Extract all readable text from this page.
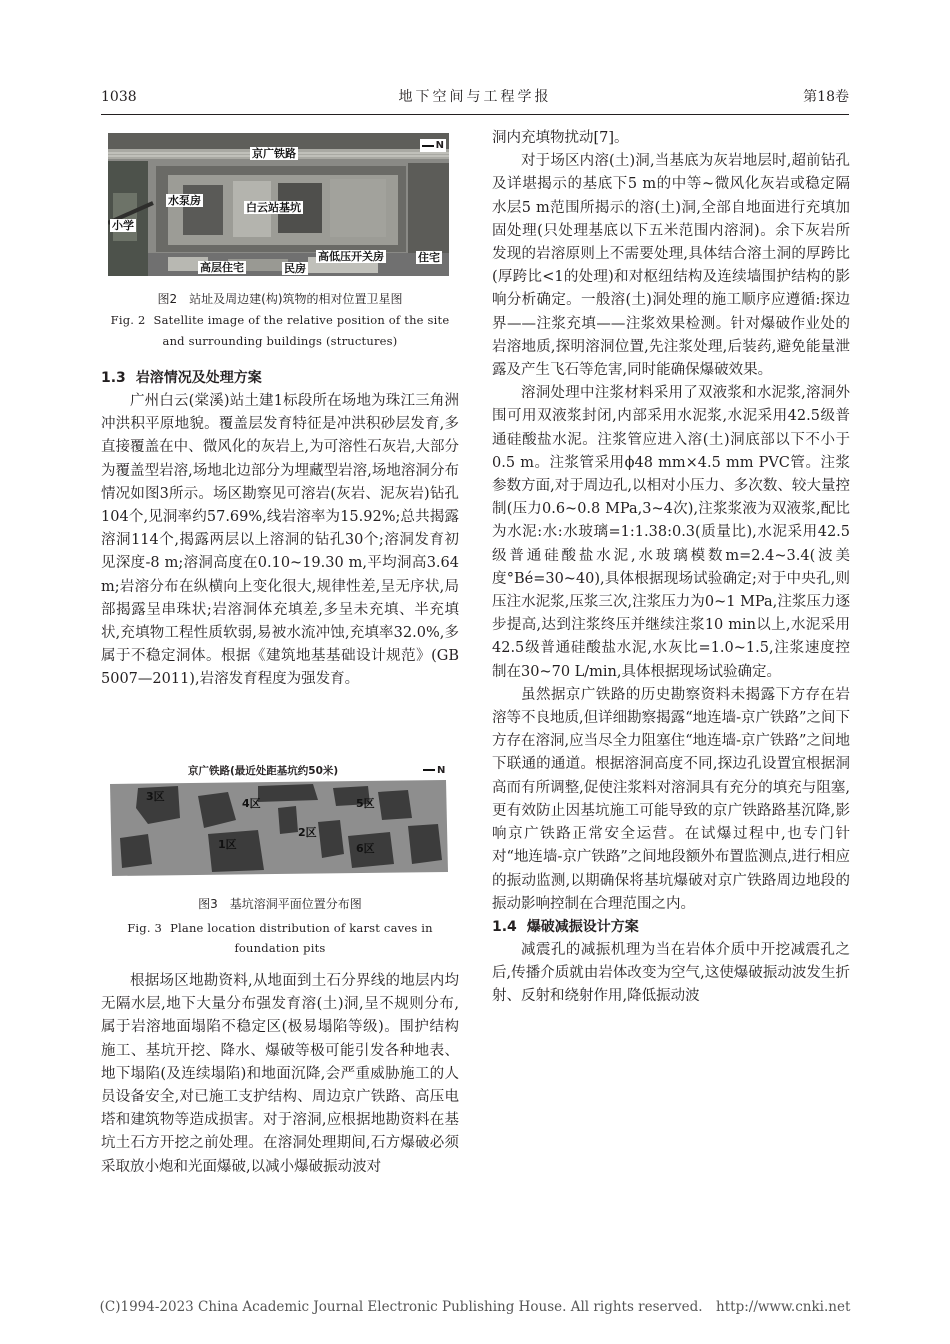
1038	地下空间与工程学报	第18卷
京广铁路
水泵房
白云站基坑
小学
高层住宅	民房
高低压开关房	住宅
N
图2　站址及周边建(构)筑物的相对位置卫星图
Fig. 2 Satellite image of the relative position of the site
and surrounding buildings (structures)
1.3 岩溶情况及处理方案

广州白云(棠溪)站土建1标段所在场地为珠江三角洲冲洪积平原地貌。覆盖层发育特征是冲洪积砂层发育,多直接覆盖在中、微风化的灰岩上,为可溶性石灰岩,大部分为覆盖型岩溶,场地北边部分为埋藏型岩溶,场地溶洞分布情况如图3所示。场区勘察见可溶岩(灰岩、泥灰岩)钻孔104个,见洞率约57.69%,线岩溶率为15.92%;总共揭露溶洞114个,揭露两层以上溶洞的钻孔30个;溶洞发育初见深度-8 m;溶洞高度在0.10~19.30 m,平均洞高3.64 m;岩溶分布在纵横向上变化很大,规律性差,呈无序状,局部揭露呈串珠状;岩溶洞体充填差,多呈未充填、半充填状,充填物工程性质软弱,易被水流冲蚀,充填率32.0%,多属于不稳定洞体。根据《建筑地基基础设计规范》(GB 5007—2011),岩溶发育程度为强发育。

京广铁路(最近处距基坑约50米)	N
1区
2区
3区
4区	5区
6区
图3　基坑溶洞平面位置分布图
Fig. 3 Plane location distribution of karst caves in
foundation pits

根据场区地勘资料,从地面到土石分界线的地层内均无隔水层,地下大量分布强发育溶(土)洞,呈不规则分布,属于岩溶地面塌陷不稳定区(极易塌陷等级)。围护结构施工、基坑开挖、降水、爆破等极可能引发各种地表、地下塌陷(及连续塌陷)和地面沉降,会严重威胁施工的人员设备安全,对已施工支护结构、周边京广铁路、高压电塔和建筑物等造成损害。对于溶洞,应根据地勘资料在基坑土石方开挖之前处理。在溶洞处理期间,石方爆破必须采取放小炮和光面爆破,以减小爆破振动波对

洞内充填物扰动[7]。

对于场区内溶(土)洞,当基底为灰岩地层时,超前钻孔及详堪揭示的基底下5 m的中等~微风化灰岩或稳定隔水层5 m范围所揭示的溶(土)洞,全部自地面进行充填加固处理(只处理基底以下五米范围内溶洞)。余下灰岩所发现的岩溶原则上不需要处理,具体结合溶土洞的厚跨比(厚跨比<1的处理)和对枢纽结构及连续墙围护结构的影响分析确定。一般溶(土)洞处理的施工顺序应遵循:探边界——注浆充填——注浆效果检测。针对爆破作业处的岩溶地质,探明溶洞位置,先注浆处理,后装药,避免能量泄露及产生飞石等危害,同时能确保爆破效果。

溶洞处理中注浆材料采用了双液浆和水泥浆,溶洞外围可用双液浆封闭,内部采用水泥浆,水泥采用42.5级普通硅酸盐水泥。注浆管应进入溶(土)洞底部以下不小于0.5 m。注浆管采用ϕ48 mm×4.5 mm PVC管。注浆参数方面,对于周边孔,以相对小压力、多次数、较大量控制(压力0.6~0.8 MPa,3~4次),注浆浆液为双液浆,配比为水泥:水:水玻璃=1:1.38:0.3(质量比),水泥采用42.5级普通硅酸盐水泥,水玻璃模数m=2.4~3.4(波美度°Bé=30~40),具体根据现场试验确定;对于中央孔,则压注水泥浆,压浆三次,注浆压力为0~1 MPa,注浆压力逐步提高,达到注浆终压并继续注浆10 min以上,水泥采用42.5级普通硅酸盐水泥,水灰比=1.0~1.5,注浆速度控制在30~70 L/min,具体根据现场试验确定。

虽然据京广铁路的历史勘察资料未揭露下方存在岩溶等不良地质,但详细勘察揭露“地连墙-京广铁路”之间下方存在溶洞,应当尽全力阻塞住“地连墙-京广铁路”之间地下联通的通道。根据溶洞高度不同,探边孔设置宜根据洞高而有所调整,促使注浆料对溶洞具有充分的填充与阻塞,更有效防止因基坑施工可能导致的京广铁路路基沉降,影响京广铁路正常安全运营。在试爆过程中,也专门针对“地连墙-京广铁路”之间地段额外布置监测点,进行相应的振动监测,以期确保将基坑爆破对京广铁路周边地段的振动影响控制在合理范围之内。

1.4 爆破减振设计方案

减震孔的减振机理为当在岩体介质中开挖减震孔之后,传播介质就由岩体改变为空气,这使爆破振动波发生折射、反射和绕射作用,降低振动波

(C)1994-2023 China Academic Journal Electronic Publishing House. All rights reserved.　http://www.cnki.net
